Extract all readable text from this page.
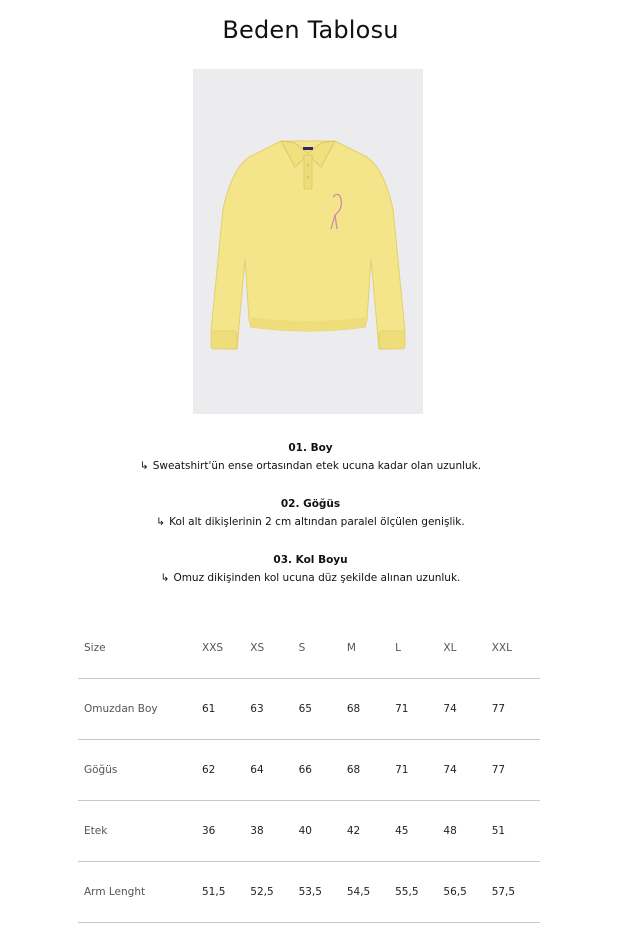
Beden Tablosu

01. Boy

↳ Sweatshirt'ün ense ortasından etek ucuna kadar olan uzunluk.

02. Göğüs

↳ Kol alt dikişlerinin 2 cm altından paralel ölçülen genişlik.

03. Kol Boyu

↳ Omuz dikişinden kol ucuna düz şekilde alınan uzunluk.

Size	XXS	XS	S	M	L	XL	XXL
Omuzdan Boy	61	63	65	68	71	74	77
Göğüs	62	64	66	68	71	74	77
Etek	36	38	40	42	45	48	51
Arm Lenght	51,5	52,5	53,5	54,5	55,5	56,5	57,5
